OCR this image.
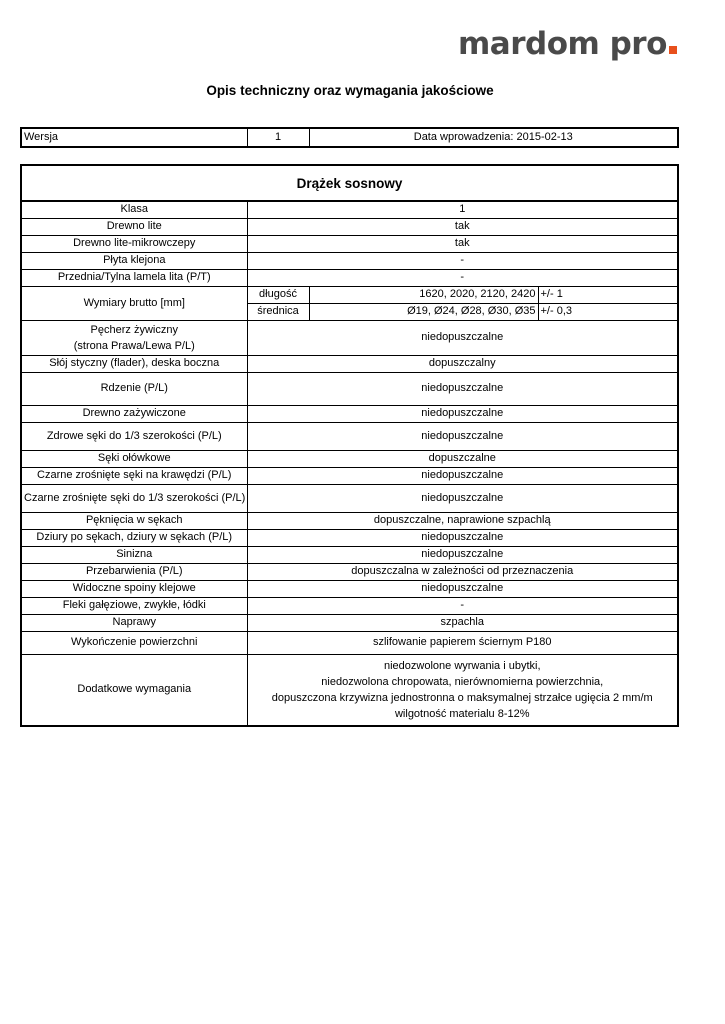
mardom pro
Opis techniczny oraz wymagania jakościowe
Wersja	1	Data wprowadzenia: 2015-02-13
Drążek sosnowy			
Klasa	1		
Drewno lite	tak		
Drewno lite-mikrowczepy	tak		
Płyta klejona	-		
Przednia/Tylna lamela lita (P/T)	-		
Wymiary brutto [mm]	długość	1620, 2020, 2120, 2420	+/- 1
	średnica	Ø19, Ø24, Ø28, Ø30, Ø35	+/- 0,3

Pęcherz żywiczny
(strona Prawa/Lewa P/L)	niedopuszczalne		
Słój styczny (flader), deska boczna	dopuszczalny		
Rdzenie (P/L)	niedopuszczalne		
Drewno zażywiczone	niedopuszczalne		
Zdrowe sęki do 1/3 szerokości (P/L)	niedopuszczalne		
Sęki ołówkowe	dopuszczalne		
Czarne zrośnięte sęki na krawędzi (P/L)	niedopuszczalne		
Czarne zrośnięte sęki do 1/3 szerokości (P/L)	niedopuszczalne		
Pęknięcia w sękach	dopuszczalne, naprawione szpachlą		
Dziury po sękach, dziury w sękach (P/L)	niedopuszczalne		
Sinizna	niedopuszczalne		
Przebarwienia (P/L)	dopuszczalna w zależności od przeznaczenia		
Widoczne spoiny klejowe	niedopuszczalne		
Fleki gałęziowe, zwykłe, łódki	-		
Naprawy	szpachla		
Wykończenie powierzchni	szlifowanie papierem ściernym P180		
Dodatkowe wymagania	niedozwolone wyrwania i ubytki,
niedozwolona chropowata, nierównomierna powierzchnia,
dopuszczona krzywizna jednostronna o maksymalnej strzałce ugięcia 2 mm/m
wilgotność materialu 8-12%		
